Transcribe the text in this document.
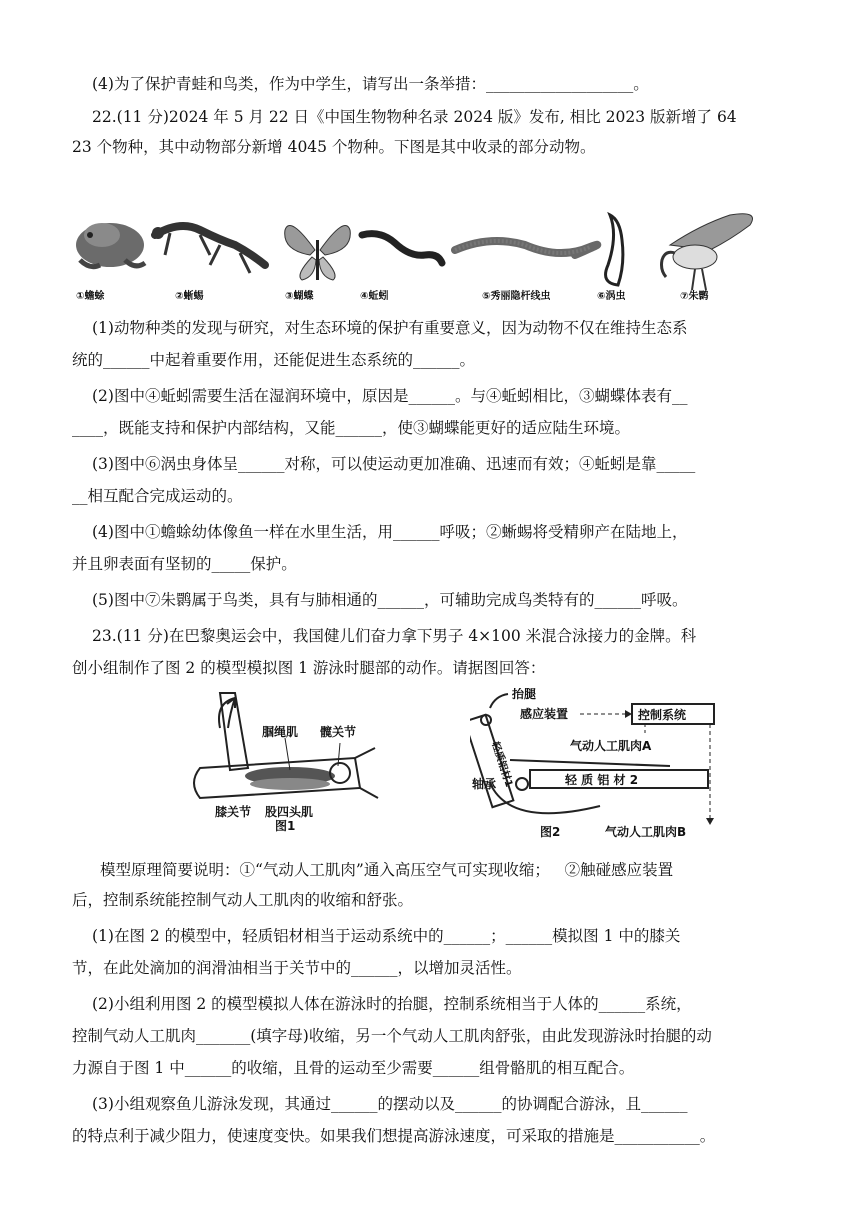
(4)为了保护青蛙和鸟类，作为中学生，请写出一条举措：___________________。
22.(11 分)2024 年 5 月 22 日《中国生物物种名录 2024 版》发布, 相比 2023 版新增了 64
23 个物种，其中动物部分新增 4045 个物种。下图是其中收录的部分动物。
①蟾蜍	②蜥蜴	③蝴蝶	④蚯蚓	⑤秀丽隐杆线虫	⑥涡虫	⑦朱鹮
(1)动物种类的发现与研究，对生态环境的保护有重要意义，因为动物不仅在维持生态系
统的______中起着重要作用，还能促进生态系统的______。
(2)图中④蚯蚓需要生活在湿润环境中，原因是______。与④蚯蚓相比，③蝴蝶体表有__
____，既能支持和保护内部结构，又能______，使③蝴蝶能更好的适应陆生环境。
(3)图中⑥涡虫身体呈______对称，可以使运动更加准确、迅速而有效；④蚯蚓是靠_____
__相互配合完成运动的。
(4)图中①蟾蜍幼体像鱼一样在水里生活，用______呼吸；②蜥蜴将受精卵产在陆地上，
并且卵表面有坚韧的_____保护。
(5)图中⑦朱鹮属于鸟类，具有与肺相通的______，可辅助完成鸟类特有的______呼吸。
23.(11 分)在巴黎奥运会中，我国健儿们奋力拿下男子 4×100 米混合泳接力的金牌。科
创小组制作了图 2 的模型模拟图 1 游泳时腿部的动作。请据图回答：
腘绳肌 髋关节
膝关节 股四头肌
图1
轻质铝材1
抬腿
感应装置	控制系统
气动人工肌肉A
轻 质 铝 材 2
轴承
气动人工肌肉B
图2
模型原理简要说明：①“气动人工肌肉”通入高压空气可实现收缩；   ②触碰感应装置
后，控制系统能控制气动人工肌肉的收缩和舒张。
(1)在图 2 的模型中，轻质铝材相当于运动系统中的______；______模拟图 1 中的膝关
节，在此处滴加的润滑油相当于关节中的______，以增加灵活性。
(2)小组利用图 2 的模型模拟人体在游泳时的抬腿，控制系统相当于人体的______系统，
控制气动人工肌肉_______(填字母)收缩，另一个气动人工肌肉舒张，由此发现游泳时抬腿的动
力源自于图 1 中______的收缩，且骨的运动至少需要______组骨骼肌的相互配合。
(3)小组观察鱼儿游泳发现，其通过______的摆动以及______的协调配合游泳，且______
的特点利于减少阻力，使速度变快。如果我们想提高游泳速度，可采取的措施是___________。
